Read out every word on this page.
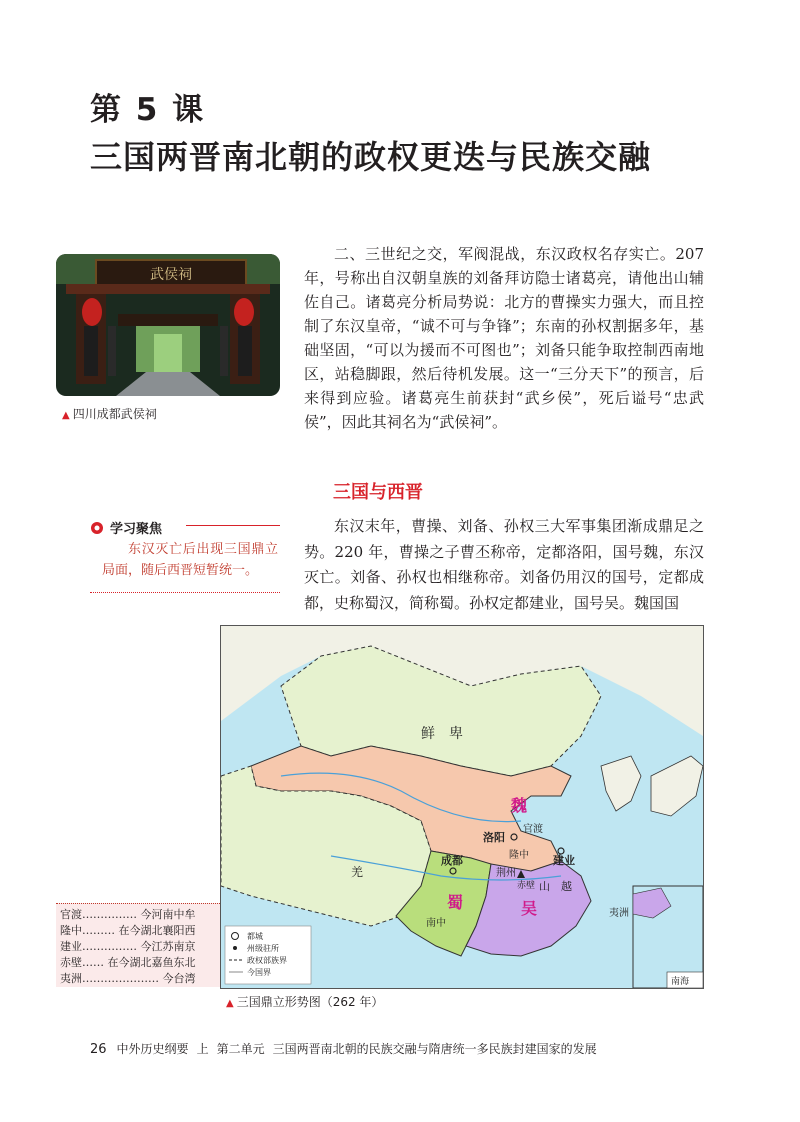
第 5 课
三国两晋南北朝的政权更迭与民族交融
武侯祠
▲ 四川成都武侯祠

二、三世纪之交，军阀混战，东汉政权名存实亡。207 年，号称出自汉朝皇族的刘备拜访隐士诸葛亮，请他出山辅佐自己。诸葛亮分析局势说：北方的曹操实力强大，而且控制了东汉皇帝，“诚不可与争锋”；东南的孙权割据多年，基础坚固，“可以为援而不可图也”；刘备只能争取控制西南地区，站稳脚跟，然后待机发展。这一“三分天下”的预言，后来得到应验。诸葛亮生前获封“武乡侯”，死后谥号“忠武侯”，因此其祠名为“武侯祠”。

三国与西晋
学习聚焦
东汉灭亡后出现三国鼎立局面，随后西晋短暂统一。

东汉末年，曹操、刘备、孙权三大军事集团渐成鼎足之势。220 年，曹操之子曹丕称帝，定都洛阳，国号魏，东汉灭亡。刘备、孙权也相继称帝。刘备仍用汉的国号，定都成都，史称蜀汉，简称蜀。孙权定都建业，国号吴。魏国国

鲜　卑
魏
蜀	吴
羌
洛阳
官渡
隆中
成都	建业
荆州
赤壁 山　越
南中
夷洲
都城
州级驻所
政权部族界
今国界
南海
官渡…………… 今河南中牟
隆中……… 在今湖北襄阳西
建业…………… 今江苏南京
赤壁…… 在今湖北嘉鱼东北
夷洲………………… 今台湾
▲ 三国鼎立形势图（262 年）
26 中外历史纲要 上 第二单元 三国两晋南北朝的民族交融与隋唐统一多民族封建国家的发展
